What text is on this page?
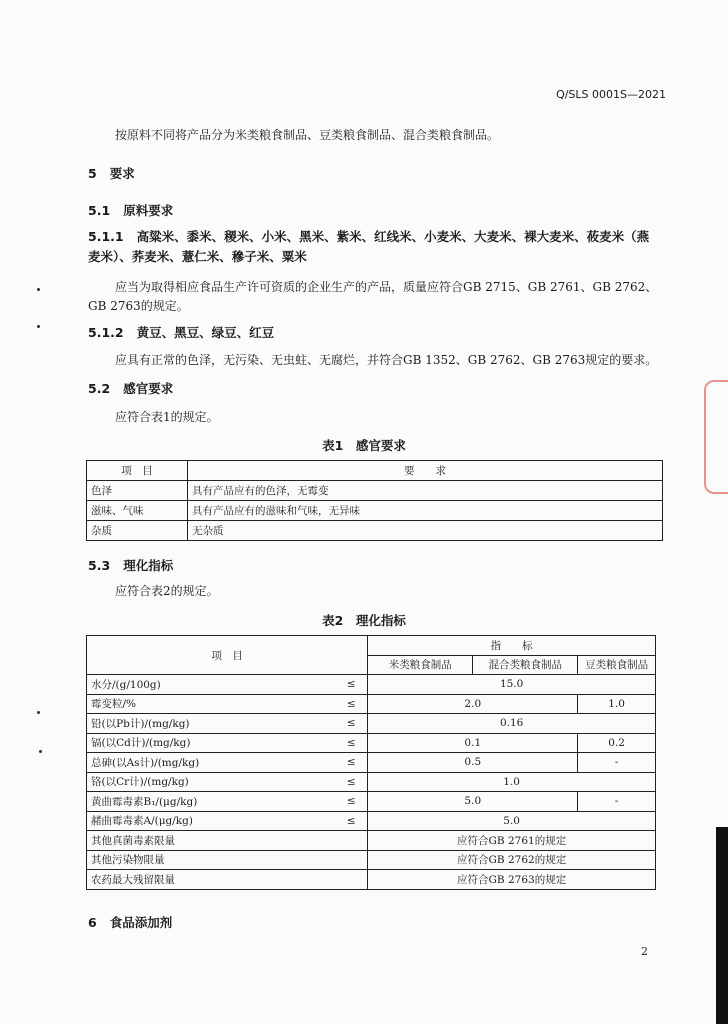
Q/SLS 0001S—2021
按原料不同将产品分为米类粮食制品、豆类粮食制品、混合类粮食制品。
5 要求
5.1 原料要求
5.1.1 高粱米、黍米、稷米、小米、黑米、紫米、红线米、小麦米、大麦米、裸大麦米、莜麦米（燕
麦米）、荞麦米、薏仁米、穇子米、粟米
应当为取得相应食品生产许可资质的企业生产的产品，质量应符合GB 2715、GB 2761、GB 2762、
GB 2763的规定。
5.1.2 黄豆、黑豆、绿豆、红豆
应具有正常的色泽，无污染、无虫蛀、无腐烂，并符合GB 1352、GB 2762、GB 2763规定的要求。
5.2 感官要求
应符合表1的规定。
表1　感官要求
项　目	要　　求
色泽	具有产品应有的色泽，无霉变
滋味、气味	具有产品应有的滋味和气味，无异味
杂质	无杂质
5.3 理化指标
应符合表2的规定。
表2　理化指标
项　目		指　　标		
		米类粮食制品	混合类粮食制品	豆类粮食制品
水分/(g/100g)	≤	15.0		
霉变粒/%	≤	2.0		1.0
铅(以Pb计)/(mg/kg)	≤	0.16		
镉(以Cd计)/(mg/kg)	≤	0.1		0.2
总砷(以As计)/(mg/kg)	≤	0.5		-
铬(以Cr计)/(mg/kg)	≤	1.0		
黄曲霉毒素B₁/(μg/kg)	≤	5.0		-
赭曲霉毒素A/(μg/kg)	≤	5.0		
其他真菌毒素限量		应符合GB 2761的规定		
其他污染物限量		应符合GB 2762的规定		
农药最大残留限量		应符合GB 2763的规定		
6 食品添加剂
2
